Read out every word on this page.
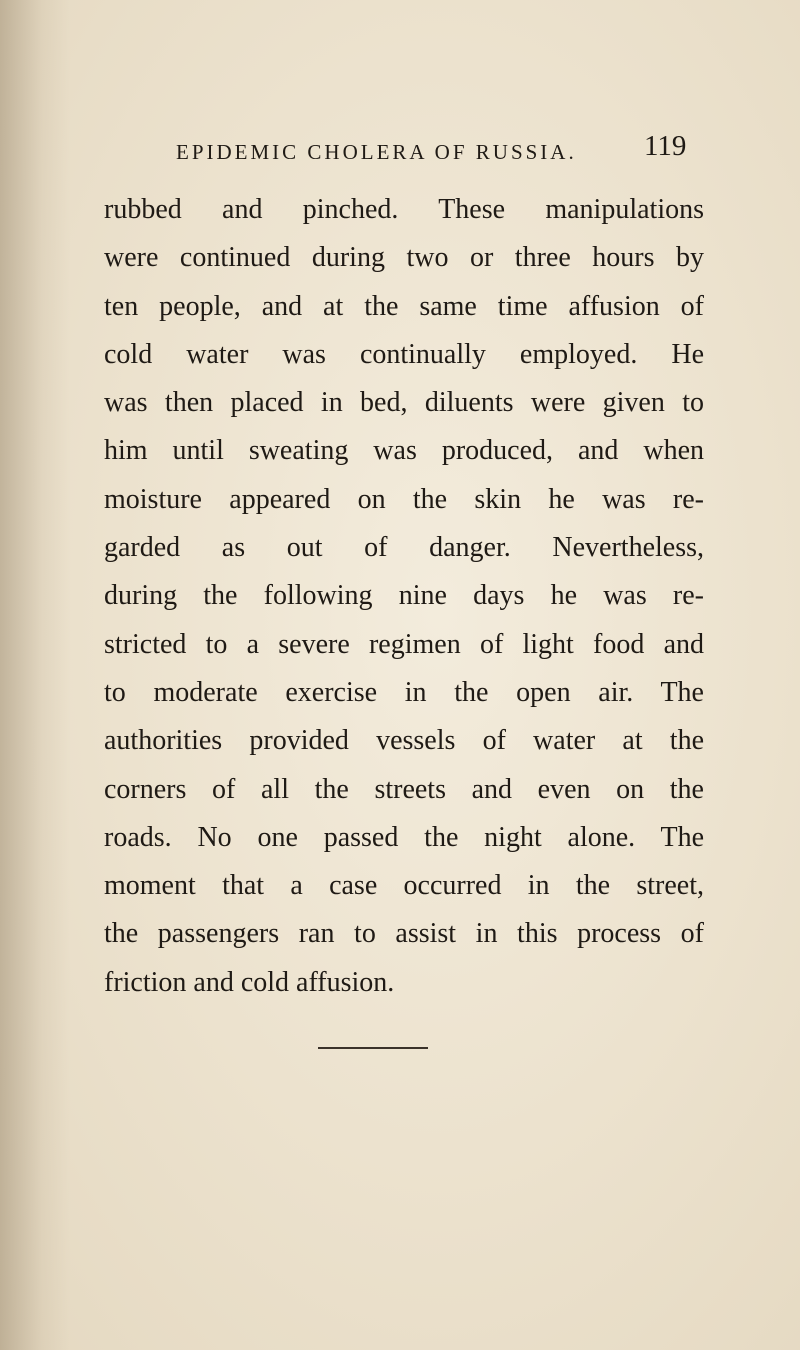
EPIDEMIC CHOLERA OF RUSSIA. 119
rubbed and pinched. These manipulations
were continued during two or three hours by
ten people, and at the same time affusion of
cold water was continually employed. He
was then placed in bed, diluents were given to
him until sweating was produced, and when
moisture appeared on the skin he was re-
garded as out of danger. Nevertheless,
during the following nine days he was re-
stricted to a severe regimen of light food and
to moderate exercise in the open air. The
authorities provided vessels of water at the
corners of all the streets and even on the
roads. No one passed the night alone. The
moment that a case occurred in the street,
the passengers ran to assist in this process of
friction and cold affusion.
